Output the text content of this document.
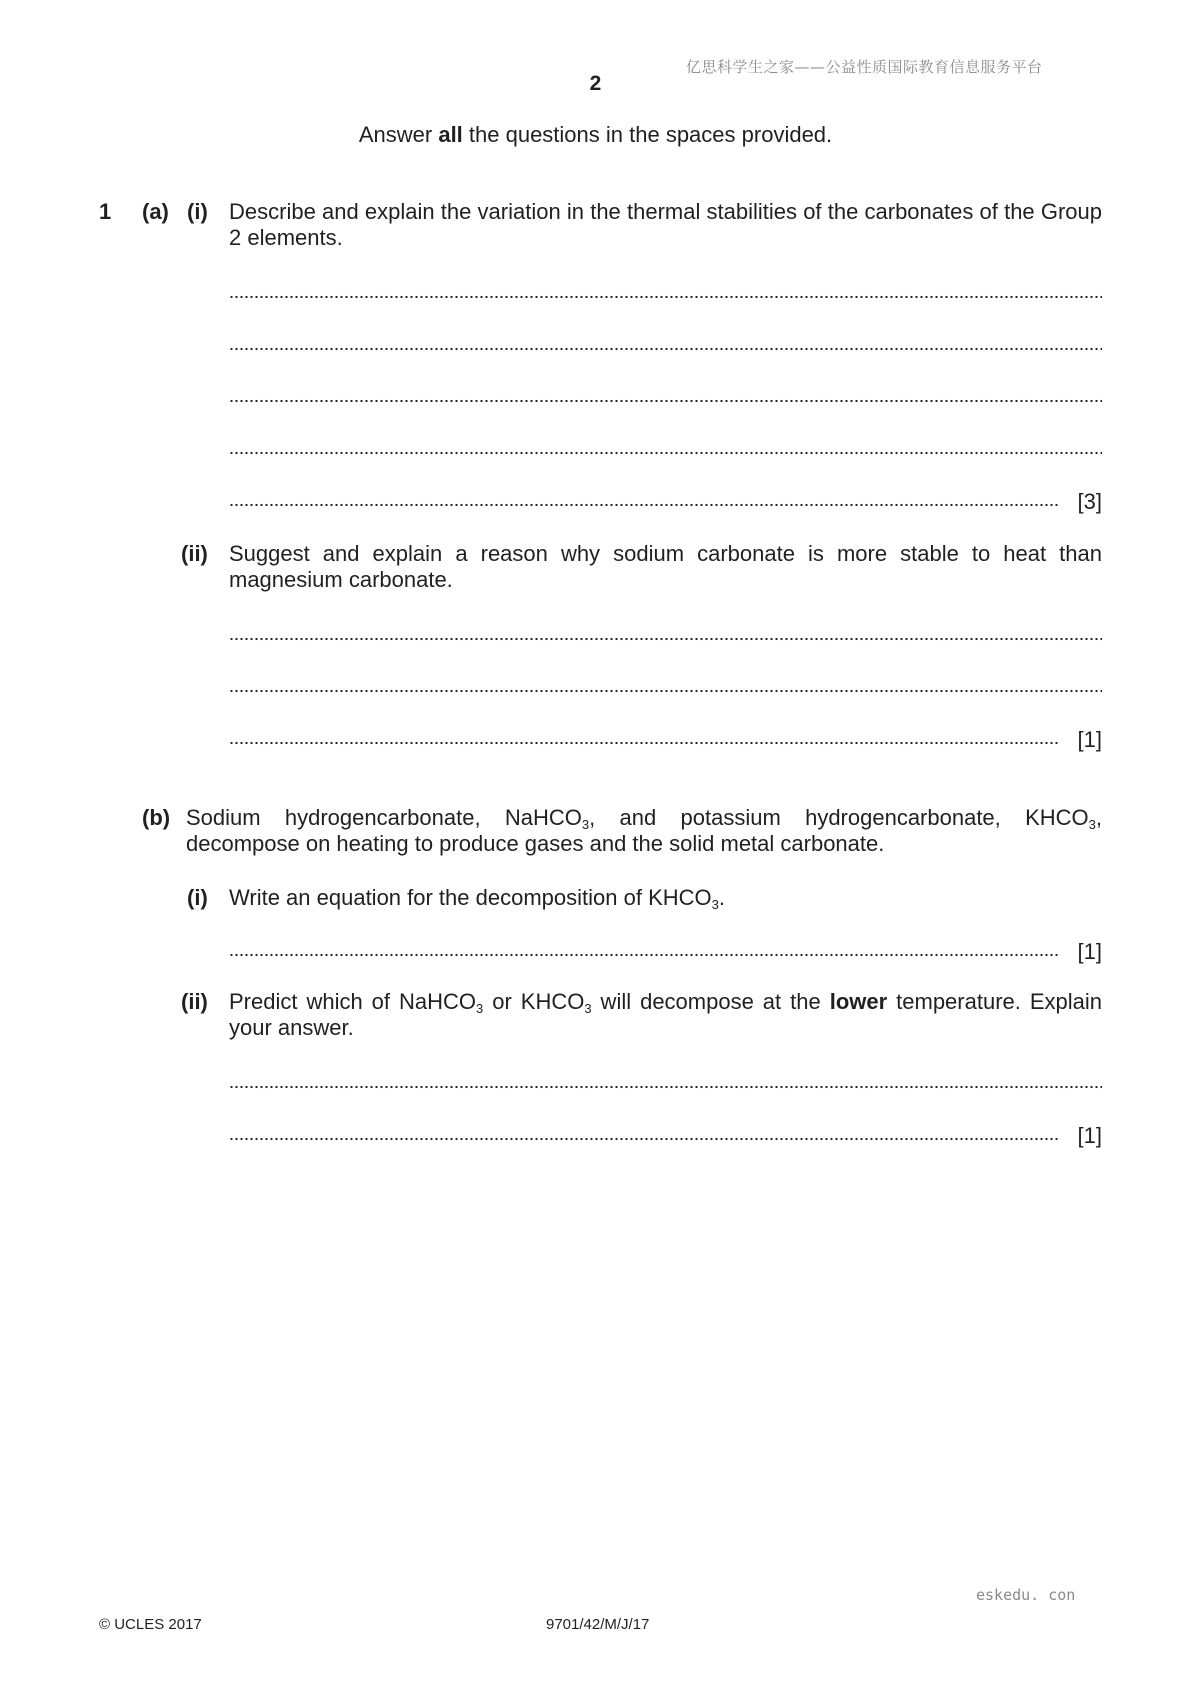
亿思科学生之家——公益性质国际教育信息服务平台
2
Answer all the questions in the spaces provided.
1 (a) (i) Describe and explain the variation in the thermal stabilities of the carbonates of the Group 2 elements.
[3]
(ii) Suggest and explain a reason why sodium carbonate is more stable to heat than magnesium carbonate.
[1]
(b) Sodium hydrogencarbonate, NaHCO$_3$, and potassium hydrogencarbonate, $KHCO_3$, decompose on heating to produce gases and the solid metal carbonate.
(i) Write an equation for the decomposition of $KHCO_3$.
[1]
(ii) Predict which of NaHCO$_3$ or $KHCO_3$ will decompose at the lower temperature. Explain your answer.
[1]
eskedu. con
© UCLES 2017	9701/42/M/J/17
